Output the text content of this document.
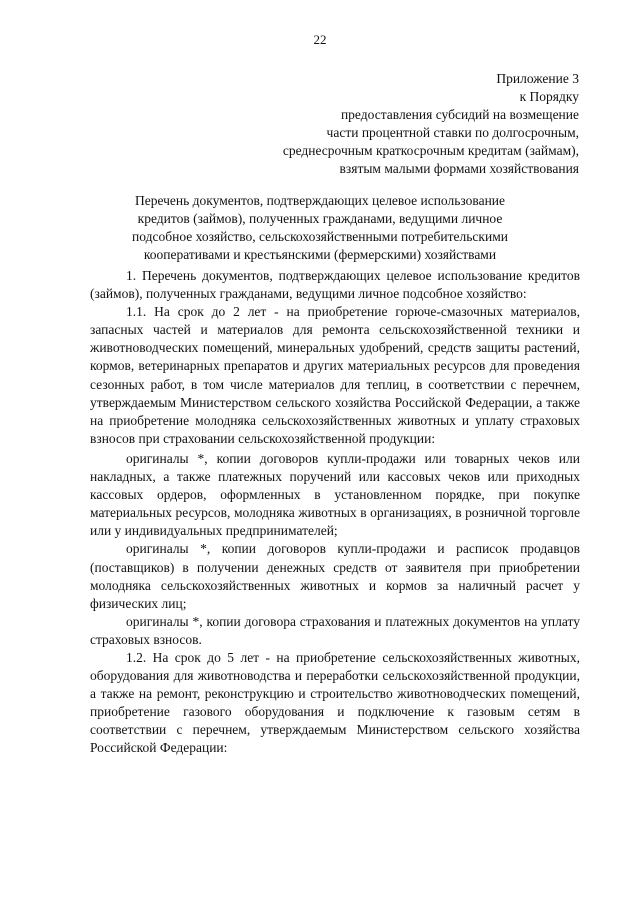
22
Приложение 3
к Порядку
предоставления субсидий на возмещение
части процентной ставки по долгосрочным,
среднесрочным краткосрочным кредитам (займам),
взятым малыми формами хозяйствования
Перечень документов, подтверждающих целевое использование
кредитов (займов), полученных гражданами, ведущими личное
подсобное хозяйство, сельскохозяйственными потребительскими
кооперативами и крестьянскими (фермерскими) хозяйствами

1. Перечень документов, подтверждающих целевое использование кредитов (займов), полученных гражданами, ведущими личное подсобное хозяйство:

1.1. На срок до 2 лет - на приобретение горюче-смазочных материалов, запасных частей и материалов для ремонта сельскохозяйственной техники и животноводческих помещений, минеральных удобрений, средств защиты растений, кормов, ветеринарных препаратов и других материальных ресурсов для проведения сезонных работ, в том числе материалов для теплиц, в соответствии с перечнем, утверждаемым Министерством сельского хозяйства Российской Федерации, а также на приобретение молодняка сельскохозяйственных животных и уплату страховых взносов при страховании сельскохозяйственной продукции:

оригиналы *, копии договоров купли-продажи или товарных чеков или накладных, а также платежных поручений или кассовых чеков или приходных кассовых ордеров, оформленных в установленном порядке, при покупке материальных ресурсов, молодняка животных в организациях, в розничной торговле или у индивидуальных предпринимателей;

оригиналы *, копии договоров купли-продажи и расписок продавцов (поставщиков) в получении денежных средств от заявителя при приобретении молодняка сельскохозяйственных животных и кормов за наличный расчет у физических лиц;

оригиналы *, копии договора страхования и платежных документов на уплату страховых взносов.

1.2. На срок до 5 лет - на приобретение сельскохозяйственных животных, оборудования для животноводства и переработки сельскохозяйственной продукции, а также на ремонт, реконструкцию и строительство животноводческих помещений, приобретение газового оборудования и подключение к газовым сетям в соответствии с перечнем, утверждаемым Министерством сельского хозяйства Российской Федерации:
